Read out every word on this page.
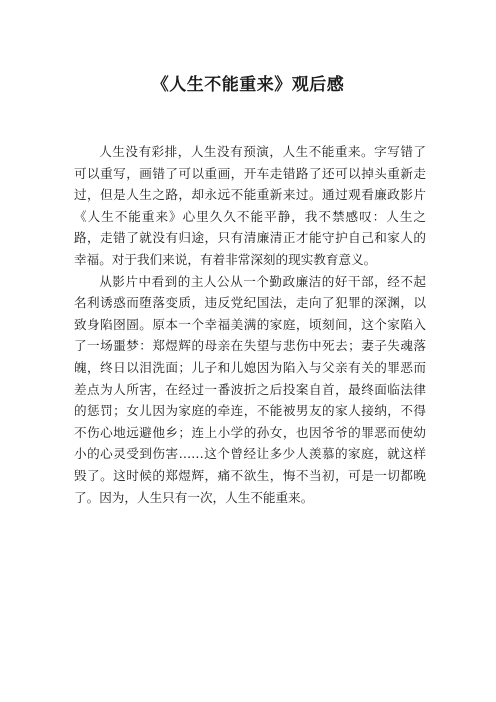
《人生不能重来》观后感

人生没有彩排，人生没有预演，人生不能重来。字写错了可以重写，画错了可以重画，开车走错路了还可以掉头重新走过，但是人生之路，却永远不能重新来过。通过观看廉政影片《人生不能重来》心里久久不能平静，我不禁感叹：人生之路，走错了就没有归途，只有清廉清正才能守护自己和家人的幸福。对于我们来说，有着非常深刻的现实教育意义。

从影片中看到的主人公从一个勤政廉洁的好干部，经不起名利诱惑而堕落变质，违反党纪国法，走向了犯罪的深渊，以致身陷囹圄。原本一个幸福美满的家庭，顷刻间，这个家陷入了一场噩梦：郑煜辉的母亲在失望与悲伤中死去；妻子失魂落魄，终日以泪洗面；儿子和儿媳因为陷入与父亲有关的罪恶而差点为人所害，在经过一番波折之后投案自首，最终面临法律的惩罚；女儿因为家庭的牵连，不能被男友的家人接纳，不得不伤心地远避他乡；连上小学的孙女，也因爷爷的罪恶而使幼小的心灵受到伤害……这个曾经让多少人羡慕的家庭，就这样毁了。这时候的郑煜辉，痛不欲生，悔不当初，可是一切都晚了。因为，人生只有一次，人生不能重来。
